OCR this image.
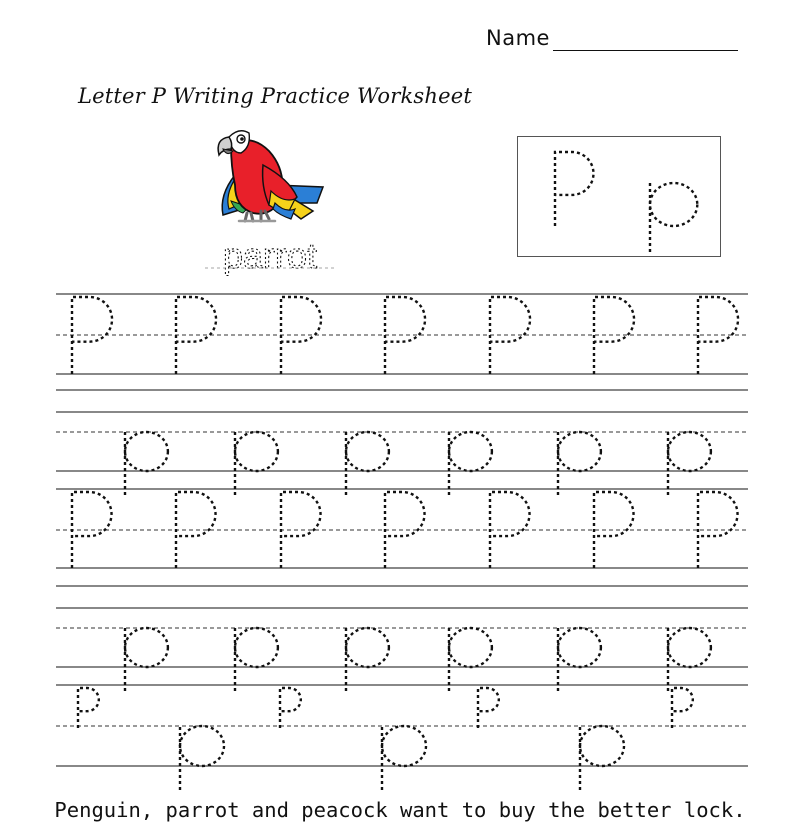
Name
Letter P Writing Practice Worksheet
parrot
Penguin, parrot and peacock want to buy the better lock.
